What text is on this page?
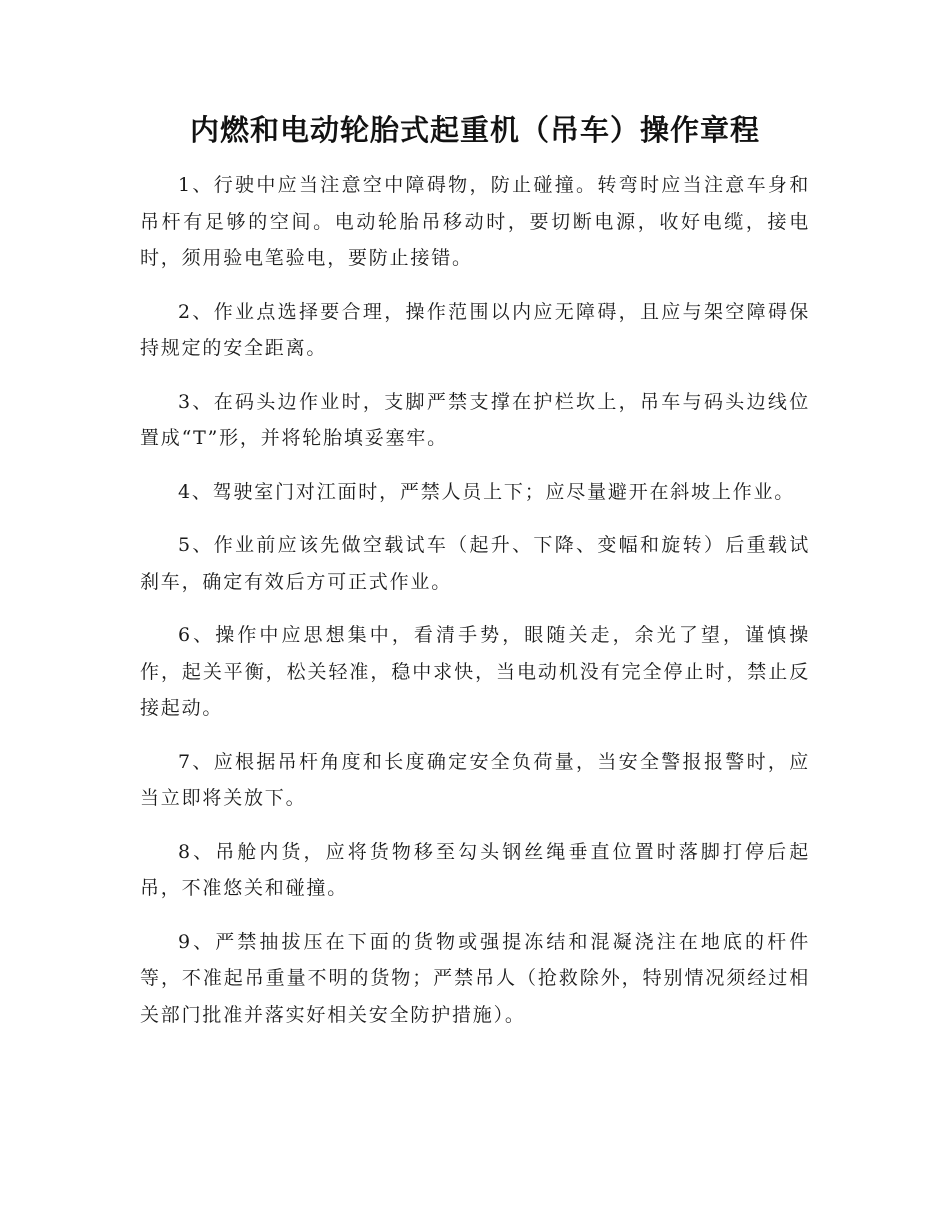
内燃和电动轮胎式起重机（吊车）操作章程

1、行驶中应当注意空中障碍物，防止碰撞。转弯时应当注意车身和吊杆有足够的空间。电动轮胎吊移动时，要切断电源，收好电缆，接电时，须用验电笔验电，要防止接错。

2、作业点选择要合理，操作范围以内应无障碍，且应与架空障碍保持规定的安全距离。

3、在码头边作业时，支脚严禁支撑在护栏坎上，吊车与码头边线位置成“T”形，并将轮胎填妥塞牢。

4、驾驶室门对江面时，严禁人员上下；应尽量避开在斜坡上作业。

5、作业前应该先做空载试车（起升、下降、变幅和旋转）后重载试刹车，确定有效后方可正式作业。

6、操作中应思想集中，看清手势，眼随关走，余光了望，谨慎操作，起关平衡，松关轻准，稳中求快，当电动机没有完全停止时，禁止反接起动。

7、应根据吊杆角度和长度确定安全负荷量，当安全警报报警时，应当立即将关放下。

8、吊舱内货，应将货物移至勾头钢丝绳垂直位置时落脚打停后起吊，不准悠关和碰撞。

9、严禁抽拔压在下面的货物或强提冻结和混凝浇注在地底的杆件等，不准起吊重量不明的货物；严禁吊人（抢救除外，特别情况须经过相关部门批准并落实好相关安全防护措施）。
